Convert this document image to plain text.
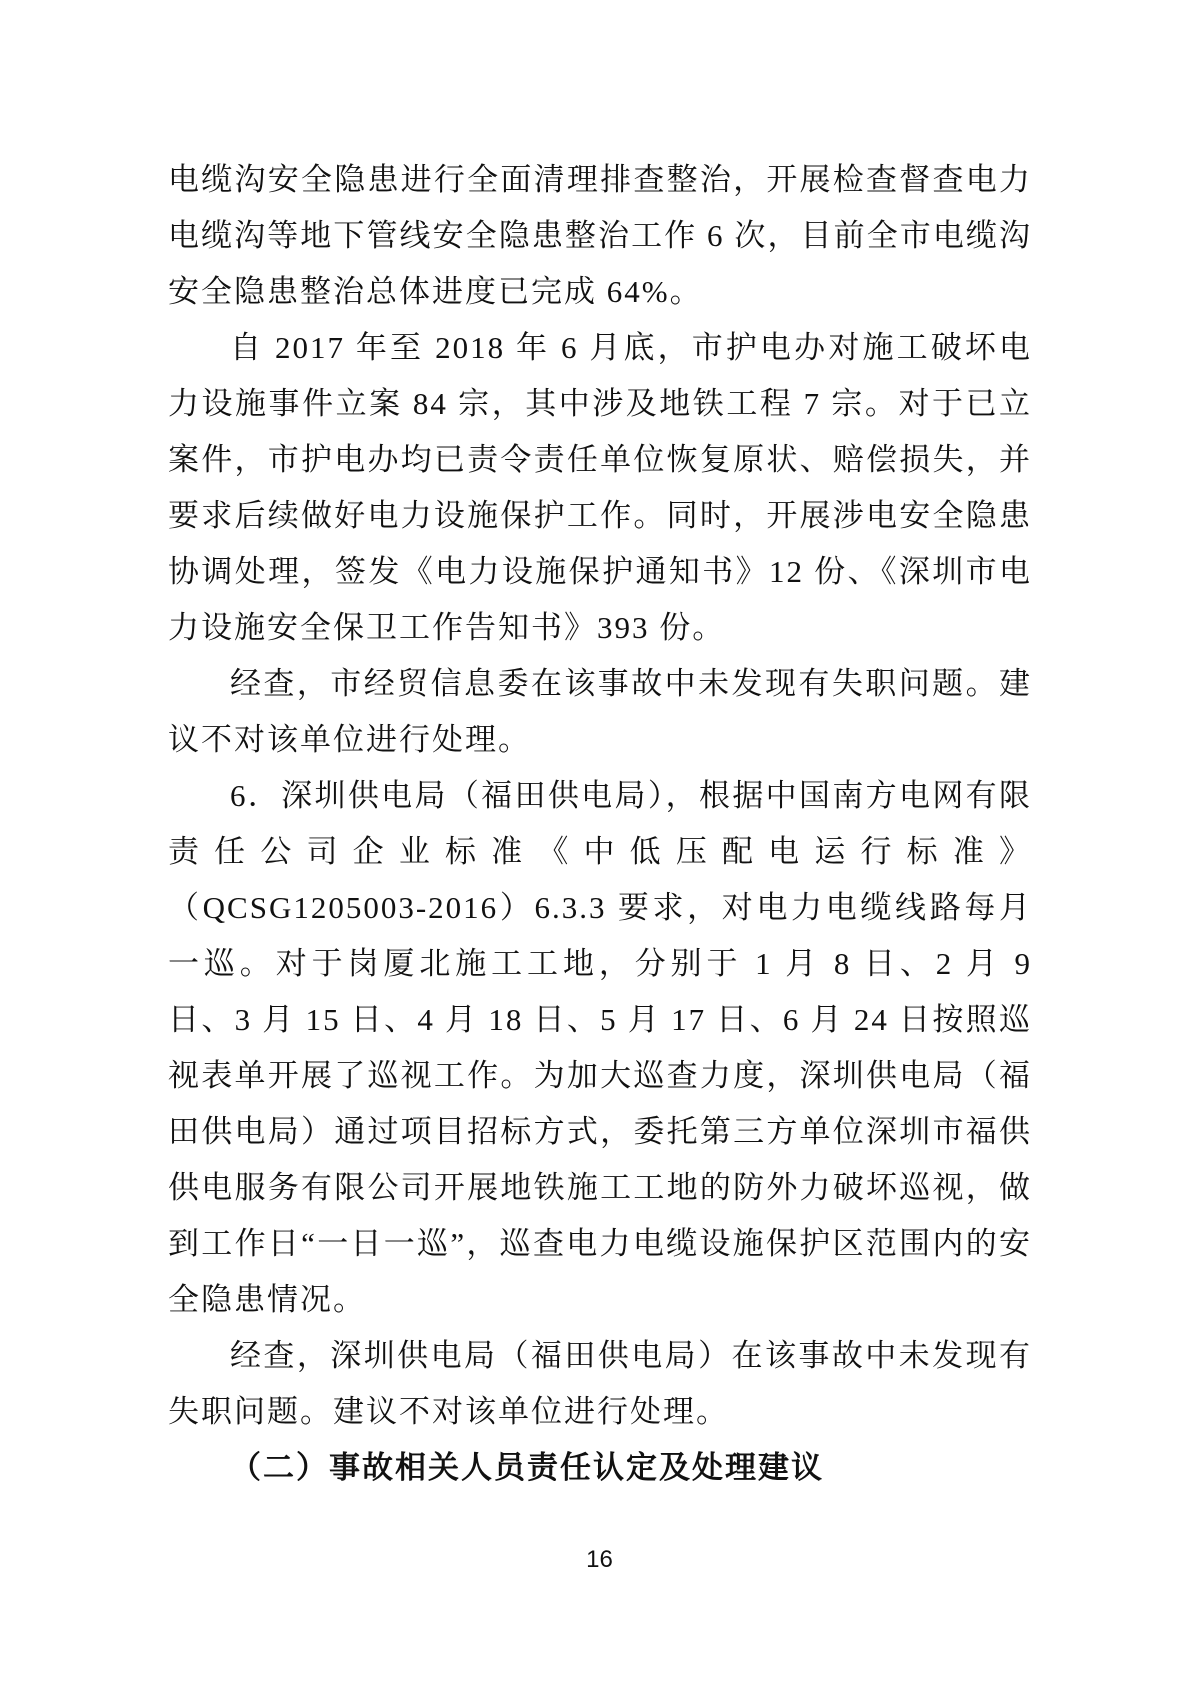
电缆沟安全隐患进行全面清理排查整治，开展检查督查电力电缆沟等地下管线安全隐患整治工作 6 次，目前全市电缆沟安全隐患整治总体进度已完成 64%。

自 2017 年至 2018 年 6 月底，市护电办对施工破坏电力设施事件立案 84 宗，其中涉及地铁工程 7 宗。对于已立案件，市护电办均已责令责任单位恢复原状、赔偿损失，并要求后续做好电力设施保护工作。同时，开展涉电安全隐患协调处理，签发《电力设施保护通知书》12 份、《深圳市电力设施安全保卫工作告知书》393 份。

经查，市经贸信息委在该事故中未发现有失职问题。建议不对该单位进行处理。

6．深圳供电局（福田供电局），根据中国南方电网有限责任公司企业标准《中低压配电运行标准》（QCSG1205003-2016）6.3.3 要求，对电力电缆线路每月一巡。对于岗厦北施工工地，分别于 1 月 8 日、2 月 9 日、3 月 15 日、4 月 18 日、5 月 17 日、6 月 24 日按照巡视表单开展了巡视工作。为加大巡查力度，深圳供电局（福田供电局）通过项目招标方式，委托第三方单位深圳市福供供电服务有限公司开展地铁施工工地的防外力破坏巡视，做到工作日“一日一巡”，巡查电力电缆设施保护区范围内的安全隐患情况。

经查，深圳供电局（福田供电局）在该事故中未发现有失职问题。建议不对该单位进行处理。

（二）事故相关人员责任认定及处理建议

16
